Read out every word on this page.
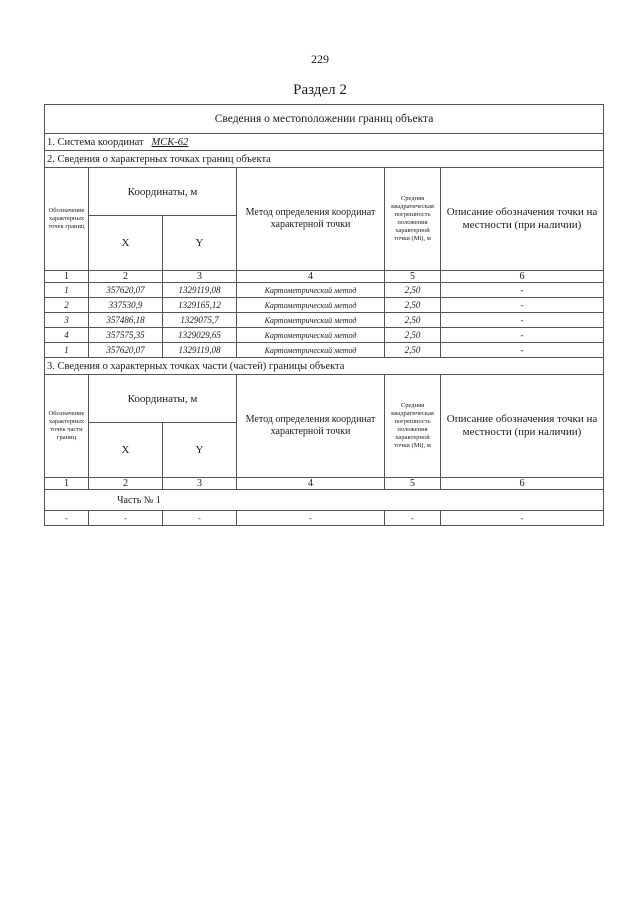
229
Раздел 2
Сведения о местоположении границ объекта					
1. Система координат МСК-62					
2. Сведения о характерных точках границ объекта					
Обозначение характерных точек границ	Координаты, м		Метод определения координат характерной точки	Средняя квадратическая погрешность положения характерной точки (Mt), м	Описание обозначения точки на местности (при наличии)
	X	Y			
1	2	3	4	5	6
1	357620,07	1329119,08	Картометрический метод	2,50	-
2	337530,9	1329165,12	Картометрический метод	2,50	-
3	357486,18	1329075,7	Картометрический метод	2,50	-
4	357575,35	1329029,65	Картометрический метод	2,50	-
1	357620,07	1329119,08	Картометрический метод	2,50	-
3. Сведения о характерных точках части (частей) границы объекта					
Обозначение характерных точек части границ	Координаты, м		Метод определения координат характерной точки	Средняя квадратическая погрешность положения характерной точки (Mt), м	Описание обозначения точки на местности (при наличии)
	X	Y			
1	2	3	4	5	6
Часть № 1					
-	-	-	-	-	-
